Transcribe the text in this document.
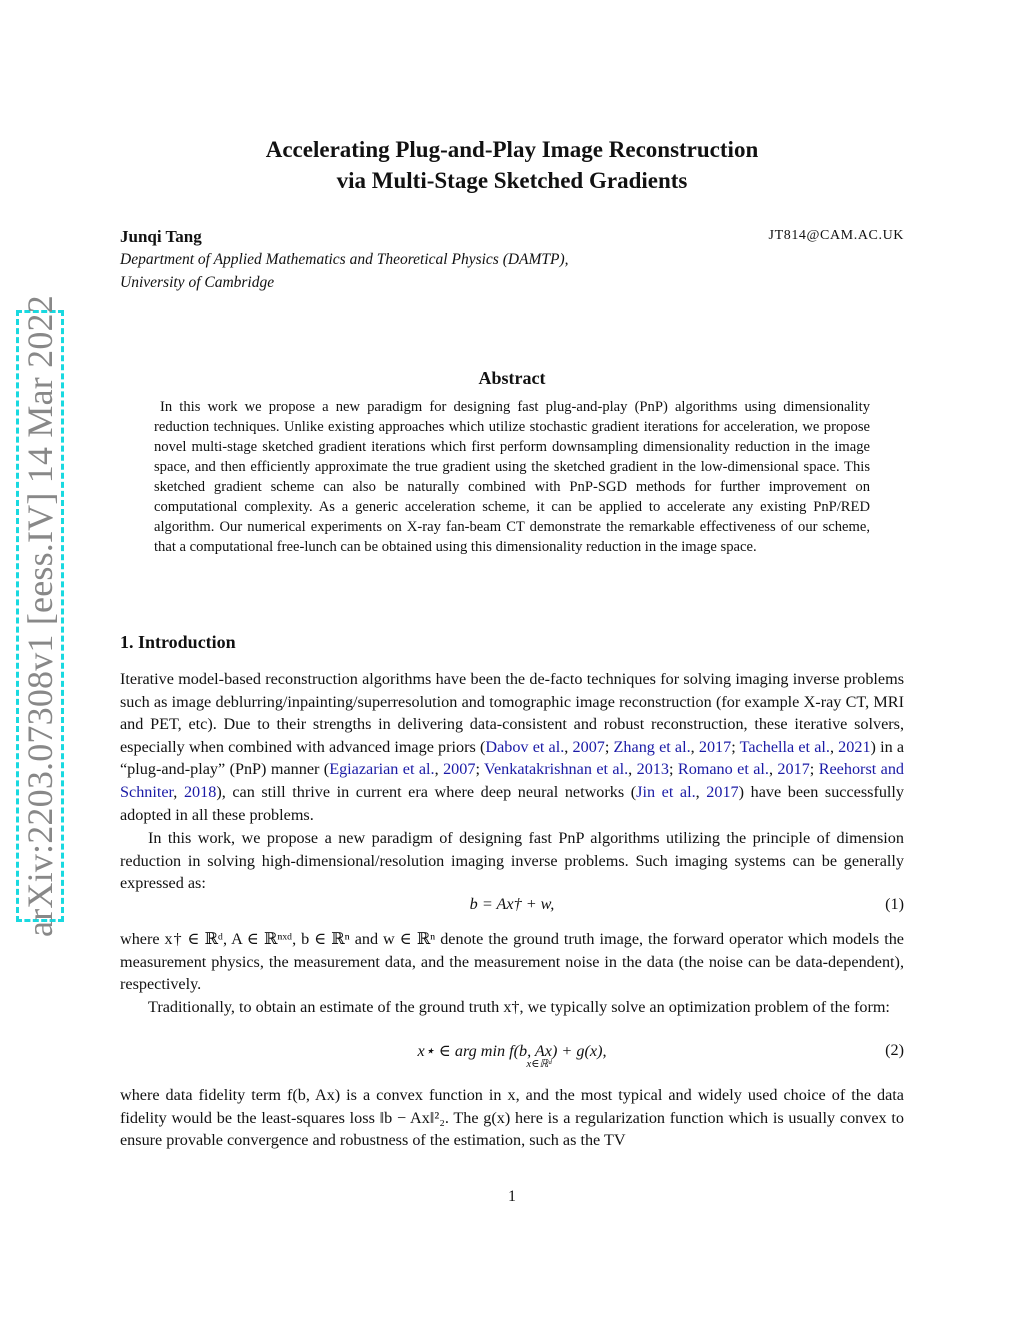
arXiv:2203.07308v1 [eess.IV] 14 Mar 2022
Accelerating Plug-and-Play Image Reconstruction
via Multi-Stage Sketched Gradients
Junqi Tang	JT814@CAM.AC.UK
Department of Applied Mathematics and Theoretical Physics (DAMTP),
University of Cambridge
Abstract
In this work we propose a new paradigm for designing fast plug-and-play (PnP) algorithms using dimensionality reduction techniques. Unlike existing approaches which utilize stochastic gradient iterations for acceleration, we propose novel multi-stage sketched gradient iterations which first perform downsampling dimensionality reduction in the image space, and then efficiently approximate the true gradient using the sketched gradient in the low-dimensional space. This sketched gradient scheme can also be naturally combined with PnP-SGD methods for further improvement on computational complexity. As a generic acceleration scheme, it can be applied to accelerate any existing PnP/RED algorithm. Our numerical experiments on X-ray fan-beam CT demonstrate the remarkable effectiveness of our scheme, that a computational free-lunch can be obtained using this dimensionality reduction in the image space.
1. Introduction
Iterative model-based reconstruction algorithms have been the de-facto techniques for solving imaging inverse problems such as image deblurring/inpainting/superresolution and tomographic image reconstruction (for example X-ray CT, MRI and PET, etc). Due to their strengths in delivering data-consistent and robust reconstruction, these iterative solvers, especially when combined with advanced image priors (Dabov et al., 2007; Zhang et al., 2017; Tachella et al., 2021) in a “plug-and-play” (PnP) manner (Egiazarian et al., 2007; Venkatakrishnan et al., 2013; Romano et al., 2017; Reehorst and Schniter, 2018), can still thrive in current era where deep neural networks (Jin et al., 2017) have been successfully adopted in all these problems.
In this work, we propose a new paradigm of designing fast PnP algorithms utilizing the principle of dimension reduction in solving high-dimensional/resolution imaging inverse problems. Such imaging systems can be generally expressed as:
b = Ax† + w,	(1)
where x† ∈ ℝᵈ, A ∈ ℝⁿˣᵈ, b ∈ ℝⁿ and w ∈ ℝⁿ denote the ground truth image, the forward operator which models the measurement physics, the measurement data, and the measurement noise in the data (the noise can be data-dependent), respectively.
Traditionally, to obtain an estimate of the ground truth x†, we typically solve an optimization problem of the form:
x⋆ ∈ arg min f(b, Ax) + g(x),
x∈ℝᵈ
(2)
where data fidelity term f(b, Ax) is a convex function in x, and the most typical and widely used choice of the data fidelity would be the least-squares loss ‖b − Ax‖²₂. The g(x) here is a regularization function which is usually convex to ensure provable convergence and robustness of the estimation, such as the TV
1
